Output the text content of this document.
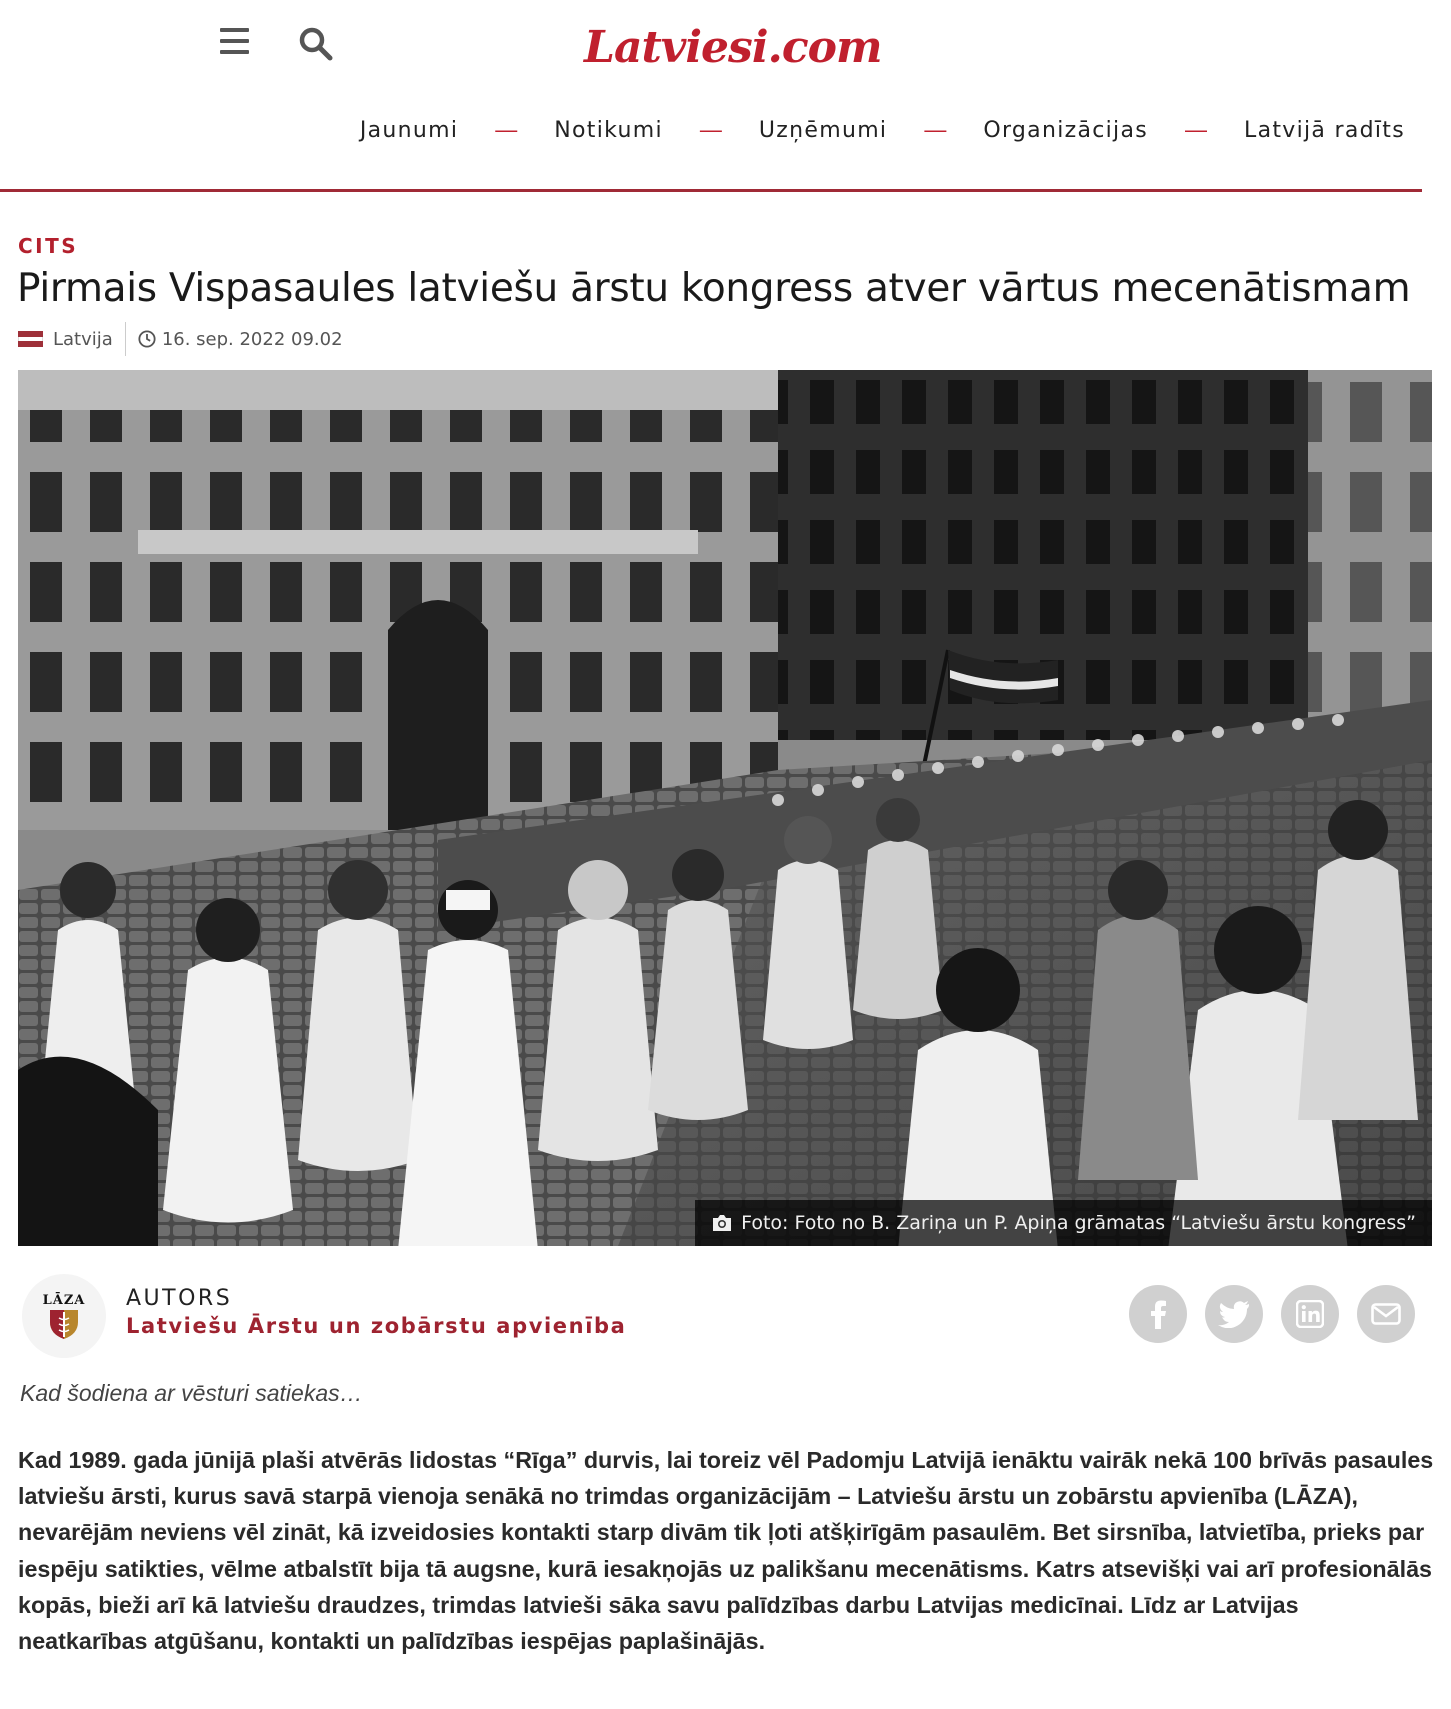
Latviesi.com
Jaunumi — Notikumi — Uzņēmumi — Organizācijas — Latvijā radīts
CITS
Pirmais Vispasaules latviešu ārstu kongress atver vārtus mecenātismam
Latvija	16. sep. 2022 09.02
Foto: Foto no B. Zariņa un P. Apiņa grāmatas “Latviešu ārstu kongress”
LĀZA AUTORS
Latviešu Ārstu un zobārstu apvienība
Kad šodiena ar vēsturi satiekas…

Kad 1989. gada jūnijā plaši atvērās lidostas “Rīga” durvis, lai toreiz vēl Padomju Latvijā ienāktu vairāk nekā 100 brīvās pasaules latviešu ārsti, kurus savā starpā vienoja senākā no trimdas organizācijām – Latviešu ārstu un zobārstu apvienība (LĀZA), nevarējām neviens vēl zināt, kā izveidosies kontakti starp divām tik ļoti atšķirīgām pasaulēm. Bet sirsnība, latvietība, prieks par iespēju satikties, vēlme atbalstīt bija tā augsne, kurā iesakņojās uz palikšanu mecenātisms. Katrs atsevišķi vai arī profesionālās kopās, bieži arī kā latviešu draudzes, trimdas latvieši sāka savu palīdzības darbu Latvijas medicīnai. Līdz ar Latvijas neatkarības atgūšanu, kontakti un palīdzības iespējas paplašinājās.
